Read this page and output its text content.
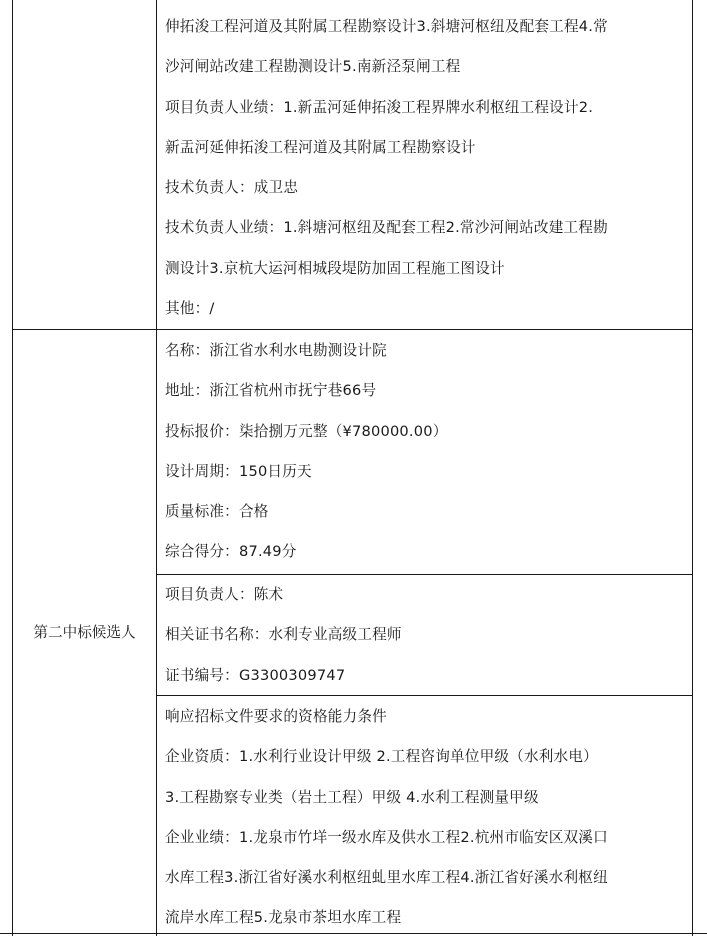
伸拓浚工程河道及其附属工程勘察设计3.斜塘河枢纽及配套工程4.常
沙河闸站改建工程勘测设计5.南新泾泵闸工程
项目负责人业绩：1.新盂河延伸拓浚工程界牌水利枢纽工程设计2.
新盂河延伸拓浚工程河道及其附属工程勘察设计
技术负责人：成卫忠
技术负责人业绩：1.斜塘河枢纽及配套工程2.常沙河闸站改建工程勘
测设计3.京杭大运河相城段堤防加固工程施工图设计
其他：/
第二中标候选人
名称：浙江省水利水电勘测设计院
地址：浙江省杭州市抚宁巷66号
投标报价：柒拾捌万元整（¥780000.00）
设计周期：150日历天
质量标准：合格
综合得分：87.49分
项目负责人：陈术
相关证书名称：水利专业高级工程师
证书编号：G3300309747
响应招标文件要求的资格能力条件
企业资质：1.水利行业设计甲级 2.工程咨询单位甲级（水利水电）
3.工程勘察专业类（岩土工程）甲级 4.水利工程测量甲级
企业业绩：1.龙泉市竹垟一级水库及供水工程2.杭州市临安区双溪口
水库工程3.浙江省好溪水利枢纽虬里水库工程4.浙江省好溪水利枢纽
流岸水库工程5.龙泉市茶坦水库工程
